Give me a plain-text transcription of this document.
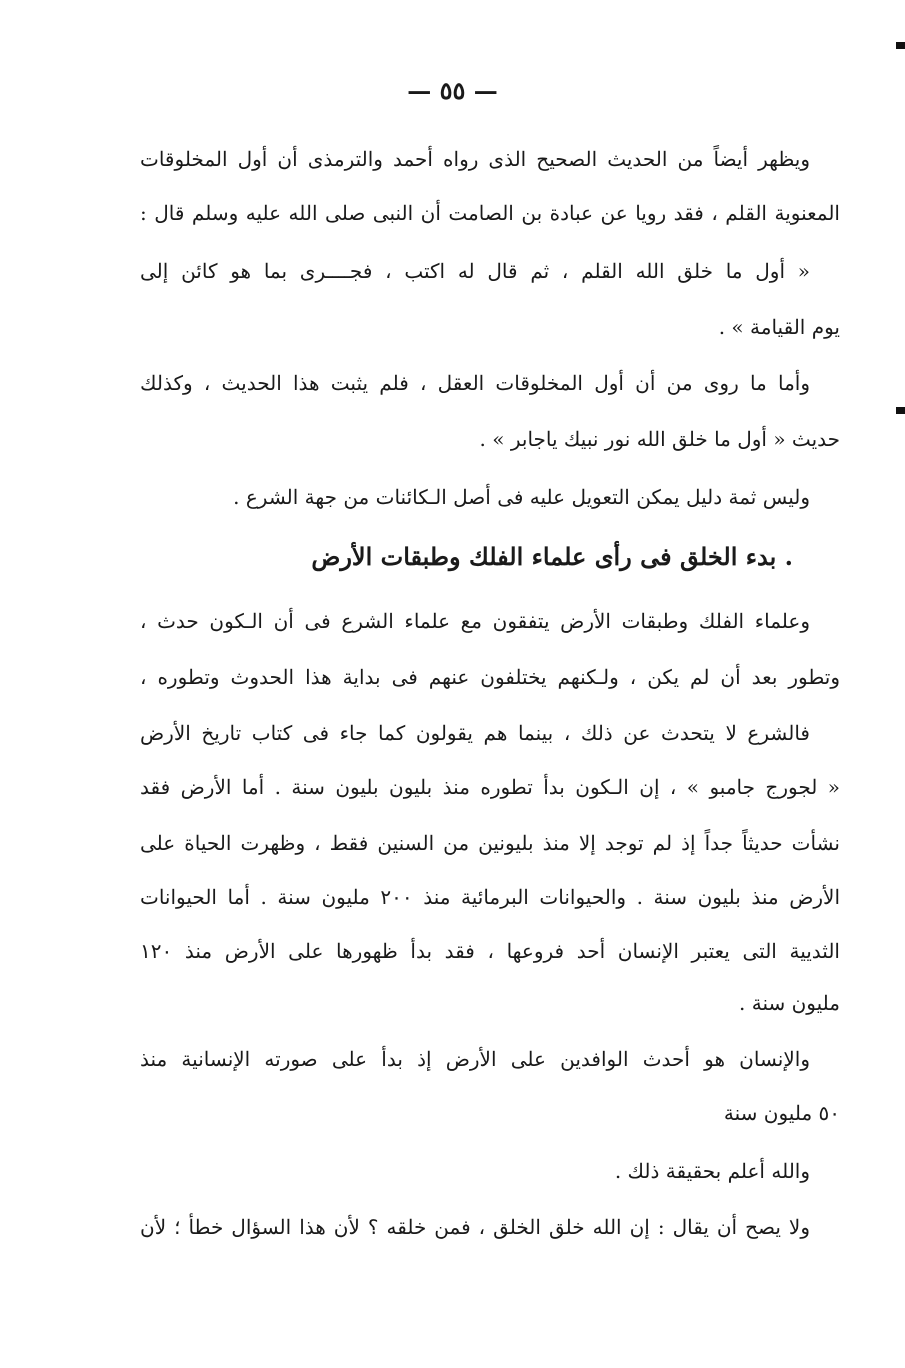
— ٥٥ —
ويظهر أيضاً من الحديث الصحيح الذى رواه أحمد والترمذى أن أول المخلوقات
المعنوية القلم ، فقد رويا عن عبادة بن الصامت أن النبى صلى الله عليه وسلم قال :
« أول ما خلق الله القلم ، ثم قال له اكتب ، فجــــرى بما هو كائن إلى
يوم القيامة » .
وأما ما روى من أن أول المخلوقات العقل ، فلم يثبت هذا الحديث ، وكذلك
حديث « أول ما خلق الله نور نبيك ياجابر » .
وليس ثمة دليل يمكن التعويل عليه فى أصل الـكائنات من جهة الشرع .
وعلماء الفلك وطبقات الأرض يتفقون مع علماء الشرع فى أن الـكون حدث ،
وتطور بعد أن لم يكن ، ولـكنهم يختلفون عنهم فى بداية هذا الحدوث وتطوره ،
فالشرع لا يتحدث عن ذلك ، بينما هم يقولون كما جاء فى كتاب تاريخ الأرض
« لجورج جامبو » ، إن الـكون بدأ تطوره منذ بليون بليون سنة . أما الأرض فقد
نشأت حديثاً جداً إذ لم توجد إلا منذ بليونين من السنين فقط ، وظهرت الحياة على
الأرض منذ بليون سنة . والحيوانات البرمائية منذ ٢٠٠ مليون سنة . أما الحيوانات
الثديية التى يعتبر الإنسان أحد فروعها ، فقد بدأ ظهورها على الأرض منذ ١٢٠
مليون سنة .
والإنسان هو أحدث الوافدين على الأرض إذ بدأ على صورته الإنسانية منذ
٥٠ مليون سنة
والله أعلم بحقيقة ذلك .
ولا يصح أن يقال : إن الله خلق الخلق ، فمن خلقه ؟ لأن هذا السؤال خطأ ؛ لأن
. بدء الخلق فى رأى علماء الفلك وطبقات الأرض
